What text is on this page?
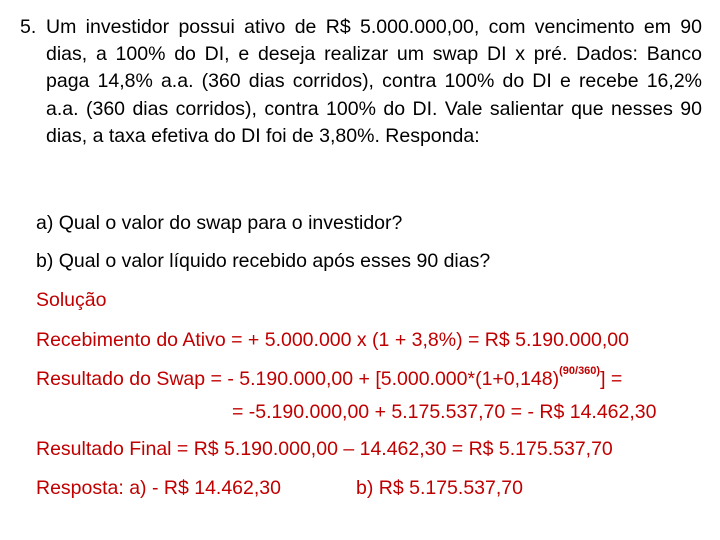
5. Um investidor possui ativo de R$ 5.000.000,00, com vencimento em 90 dias, a 100% do DI, e deseja realizar um swap DI x pré. Dados: Banco paga 14,8% a.a. (360 dias corridos), contra 100% do DI e recebe 16,2% a.a. (360 dias corridos), contra 100% do DI. Vale salientar que nesses 90 dias, a taxa efetiva do DI foi de 3,80%. Responda:
a) Qual o valor do swap para o investidor?
b) Qual o valor líquido recebido após esses 90 dias?
Solução
Recebimento do Ativo = + 5.000.000 x (1 + 3,8%) = R$ 5.190.000,00
Resultado do Swap = - $5.190.000,00 + [5.000.000*(1+0,148)^{(90/360)}]$ =
= -5.190.000,00 + 5.175.537,70 = - R$ 14.462,30
Resultado Final = R$ 5.190.000,00 – 14.462,30 = R$ 5.175.537,70
Resposta: a) - R$ 14.462,30	b) R$ 5.175.537,70
